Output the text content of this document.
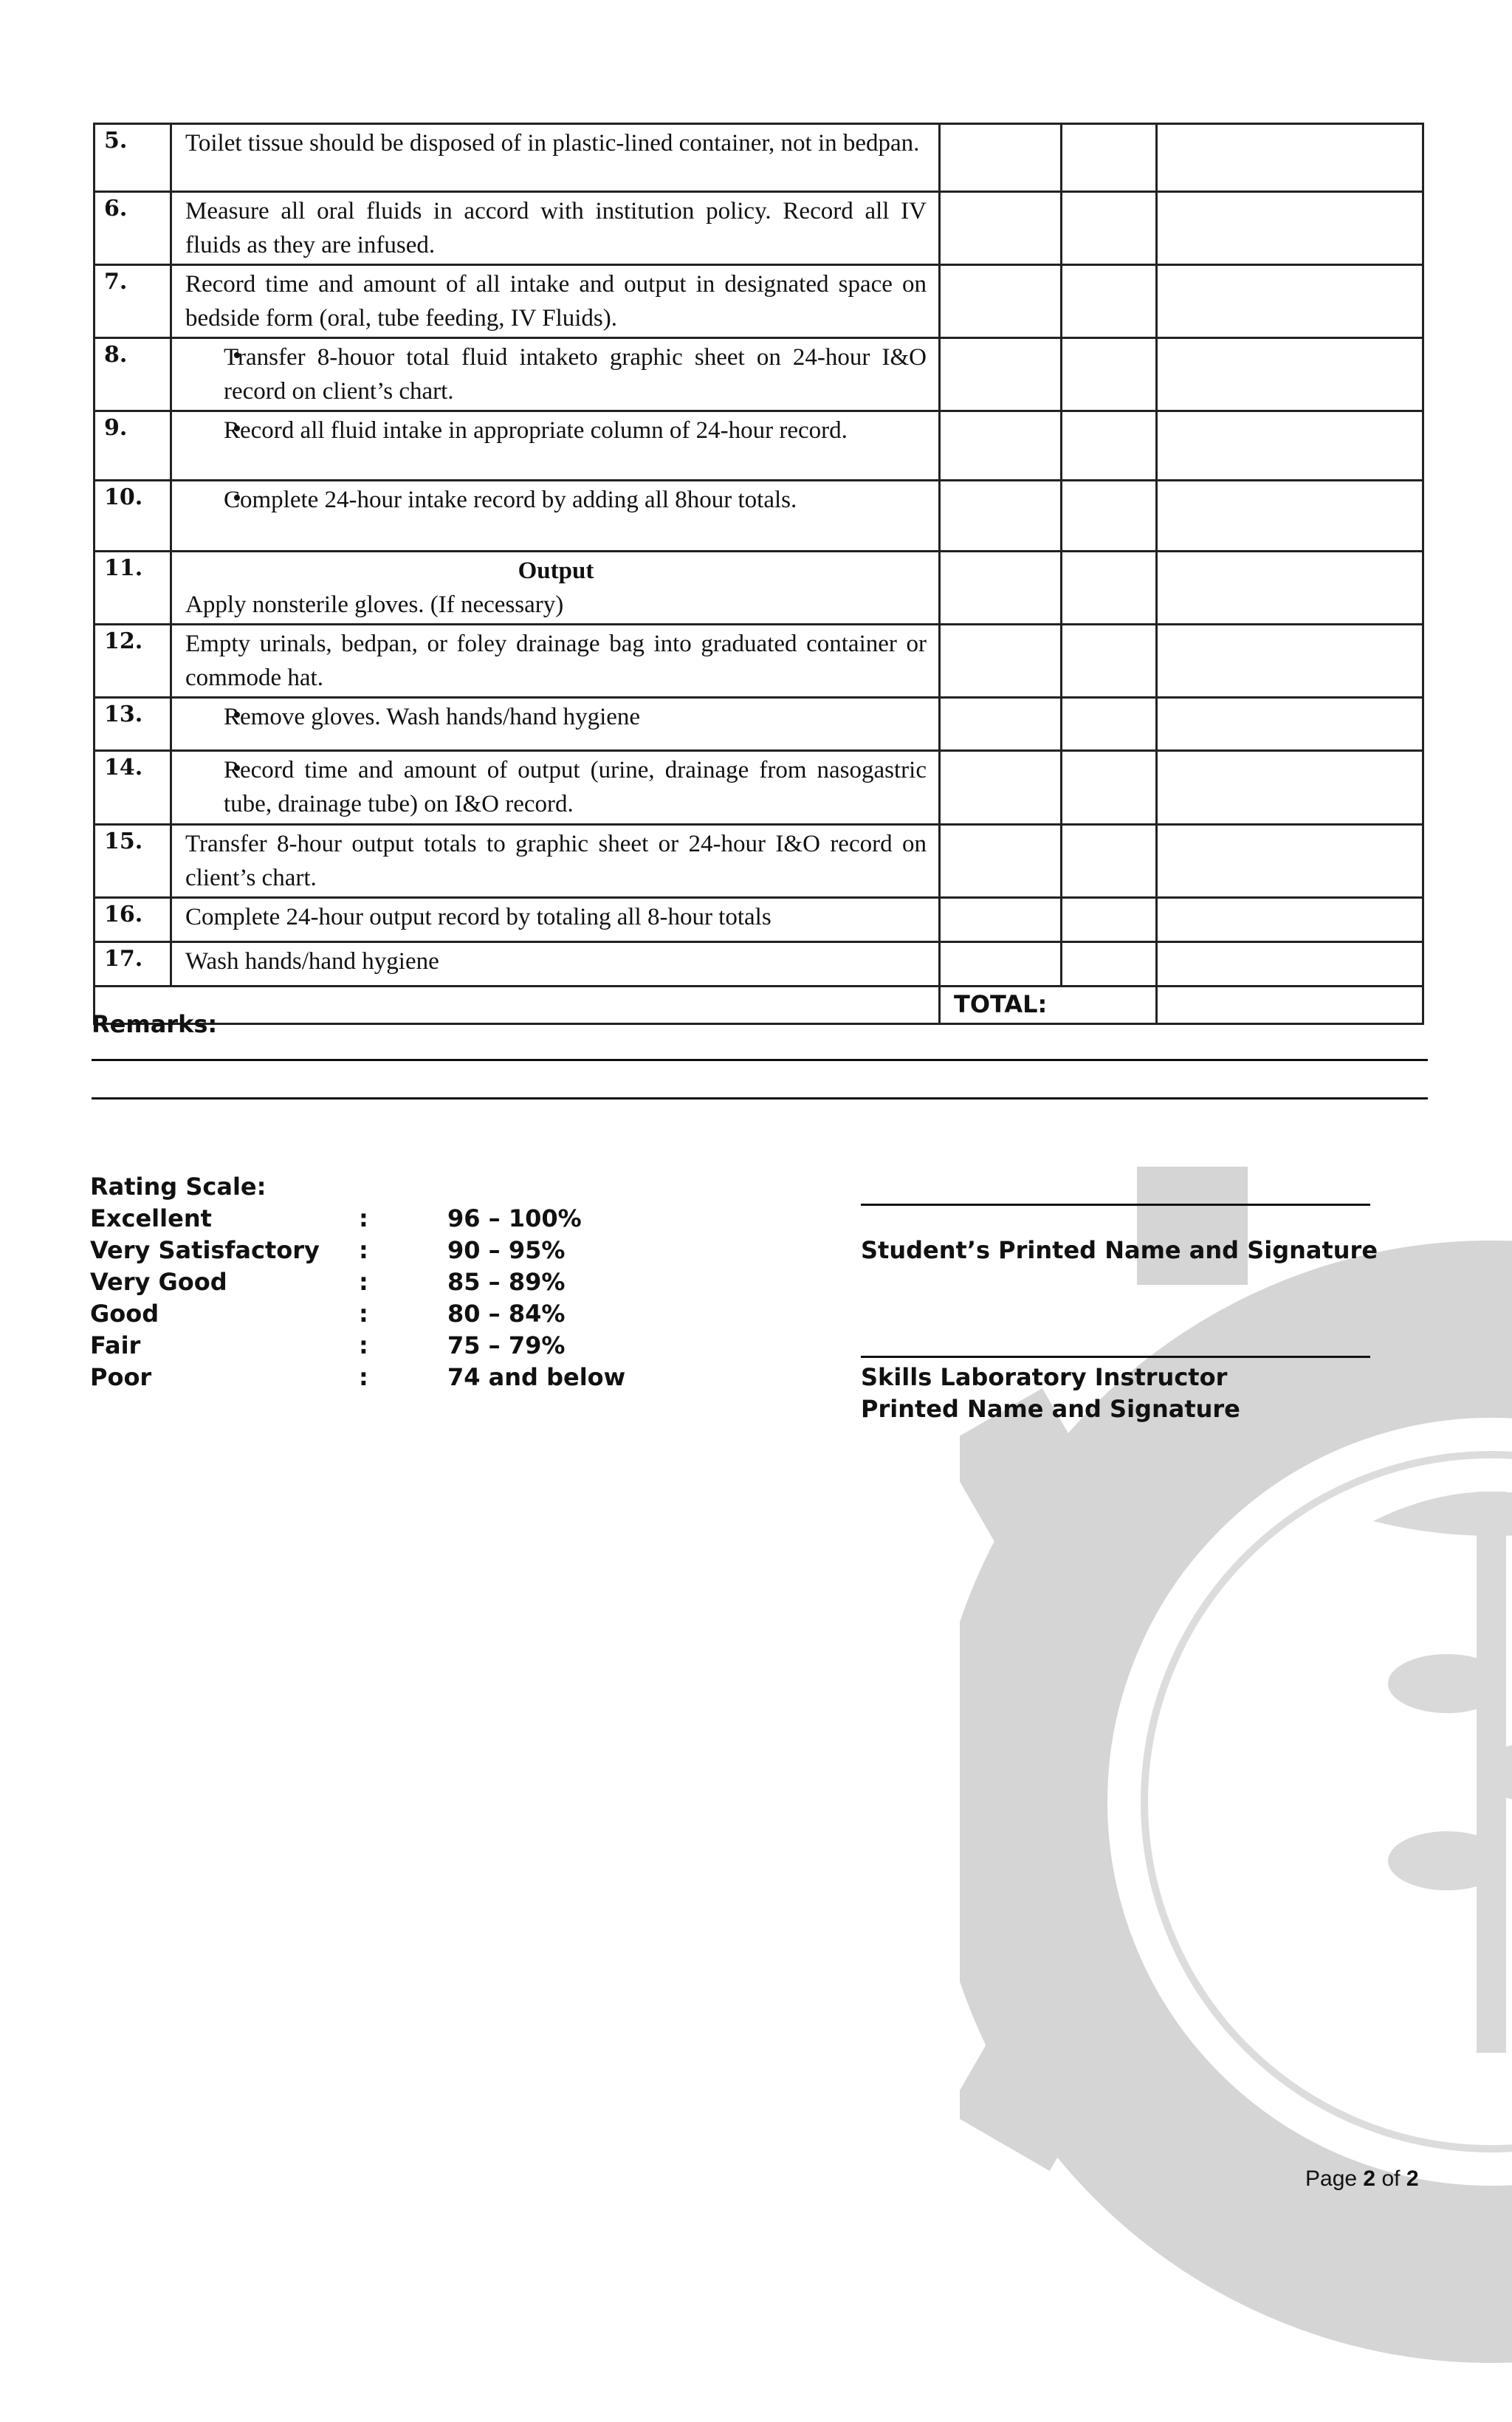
5.	Toilet tissue should be disposed of in plastic-lined container, not in bedpan.			

6.	Measure all oral fluids in accord with institution policy. Record all IV fluids as they are infused.			

7.	Record time and amount of all intake and output in designated space on bedside form (oral, tube feeding, IV Fluids).			

8.	• Transfer 8-houor total fluid intaketo graphic sheet on 24-hour I&O record on client’s chart.

9.	• Record all fluid intake in appropriate column of 24-hour record.

10.	• Complete 24-hour intake record by adding all 8hour totals.

11.	Output
Apply nonsterile gloves. (If necessary)			

12.	Empty urinals, bedpan, or foley drainage bag into graduated container or commode hat.			

13.	• Remove gloves. Wash hands/hand hygiene

14.	• Record time and amount of output (urine, drainage from nasogastric tube, drainage tube) on I&O record.

15.	Transfer 8-hour output totals to graphic sheet or 24-hour I&O record on client’s chart.			

16.	Complete 24-hour output record by totaling all 8-hour totals			

17.	Wash hands/hand hygiene			

		TOTAL:		

Remarks:
Rating Scale:
Excellent	:	96 – 100%
Very Satisfactory	:	90 – 95%
Very Good	:	85 – 89%
Good	:	80 – 84%
Fair	:	75 – 79%
Poor	:	74 and below
Student’s Printed Name and Signature
Skills Laboratory Instructor
Printed Name and Signature
Page 2 of 2
